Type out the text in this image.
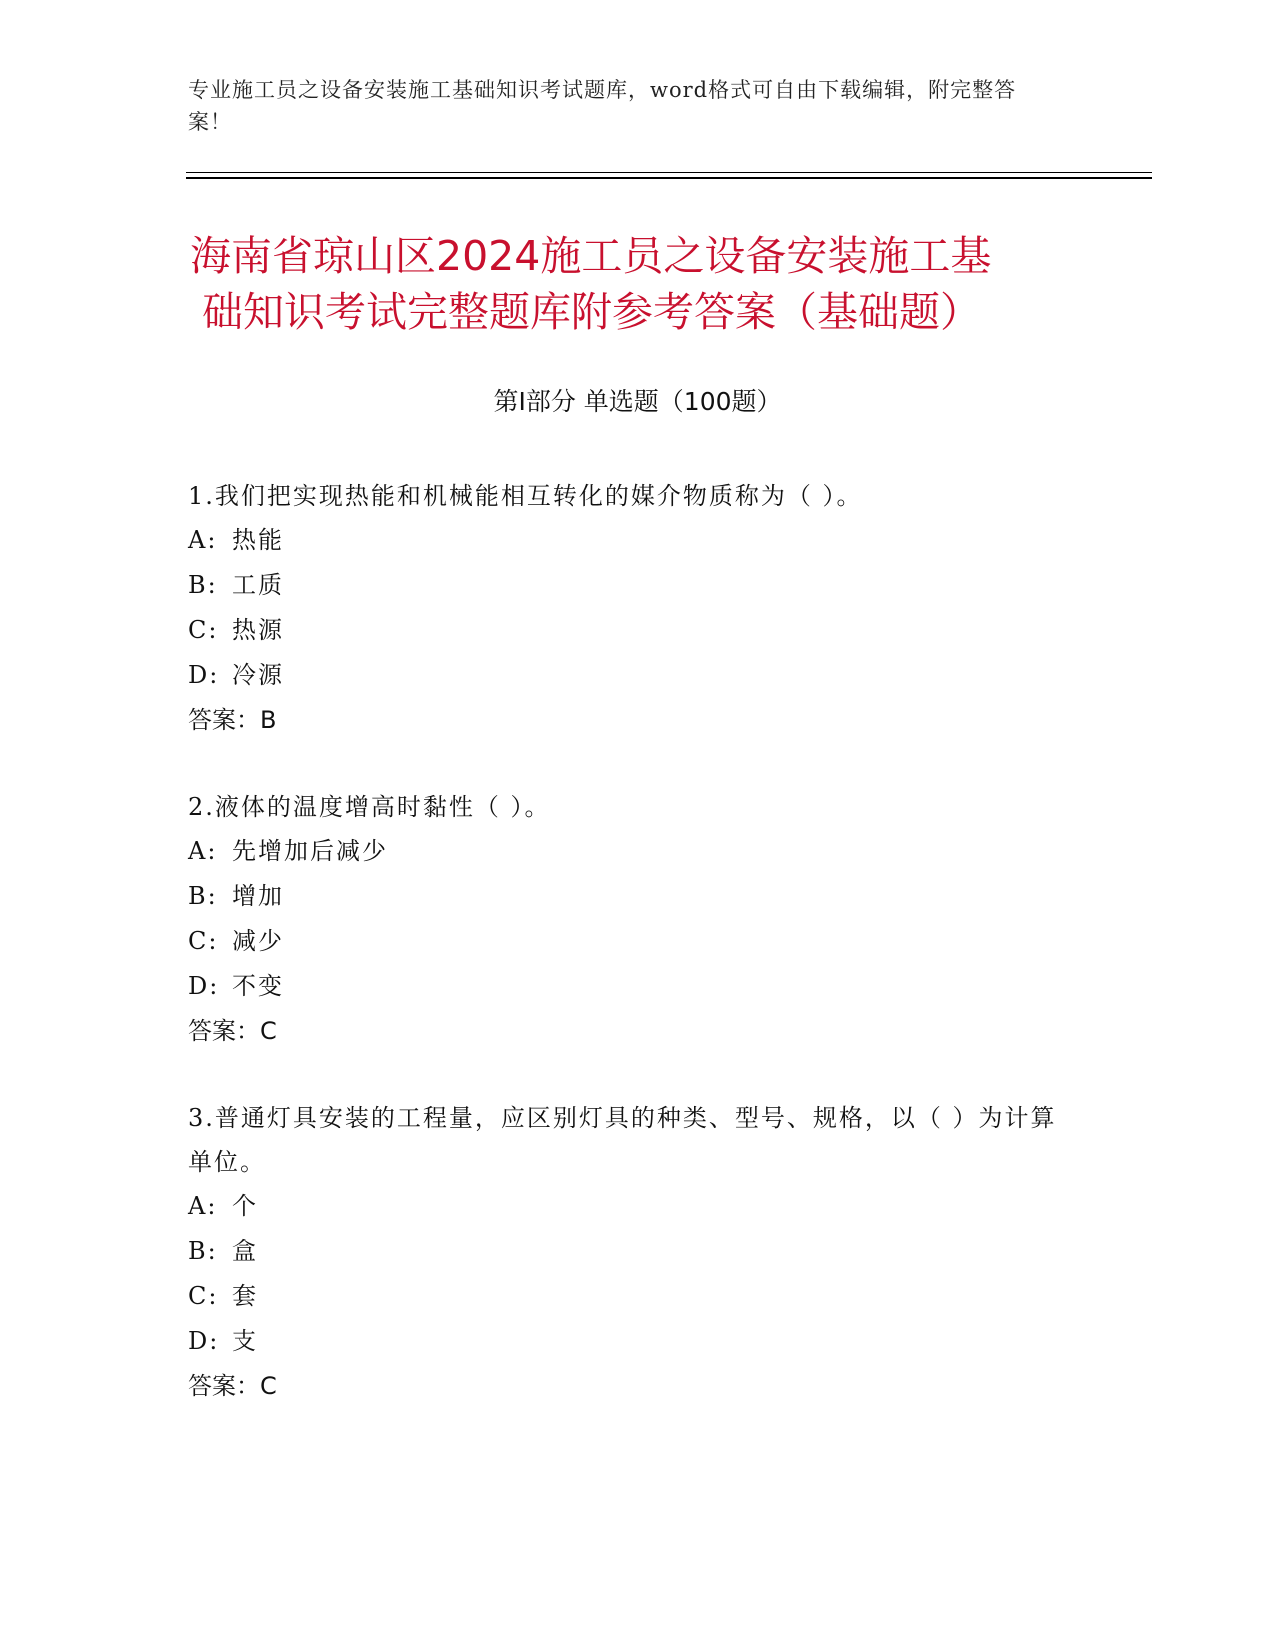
专业施工员之设备安装施工基础知识考试题库，word格式可自由下载编辑，附完整答案！
海南省琼山区2024施工员之设备安装施工基
础知识考试完整题库附参考答案（基础题）
第I部分 单选题（100题）
1.我们把实现热能和机械能相互转化的媒介物质称为（ ）。
A: 热能
B: 工质
C: 热源
D: 冷源
答案：B
2.液体的温度增高时黏性（ ）。
A: 先增加后减少
B: 增加
C: 减少
D: 不变
答案：C
3.普通灯具安装的工程量，应区别灯具的种类、型号、规格，以（ ）为计算单位。
A: 个
B: 盒
C: 套
D: 支
答案：C
